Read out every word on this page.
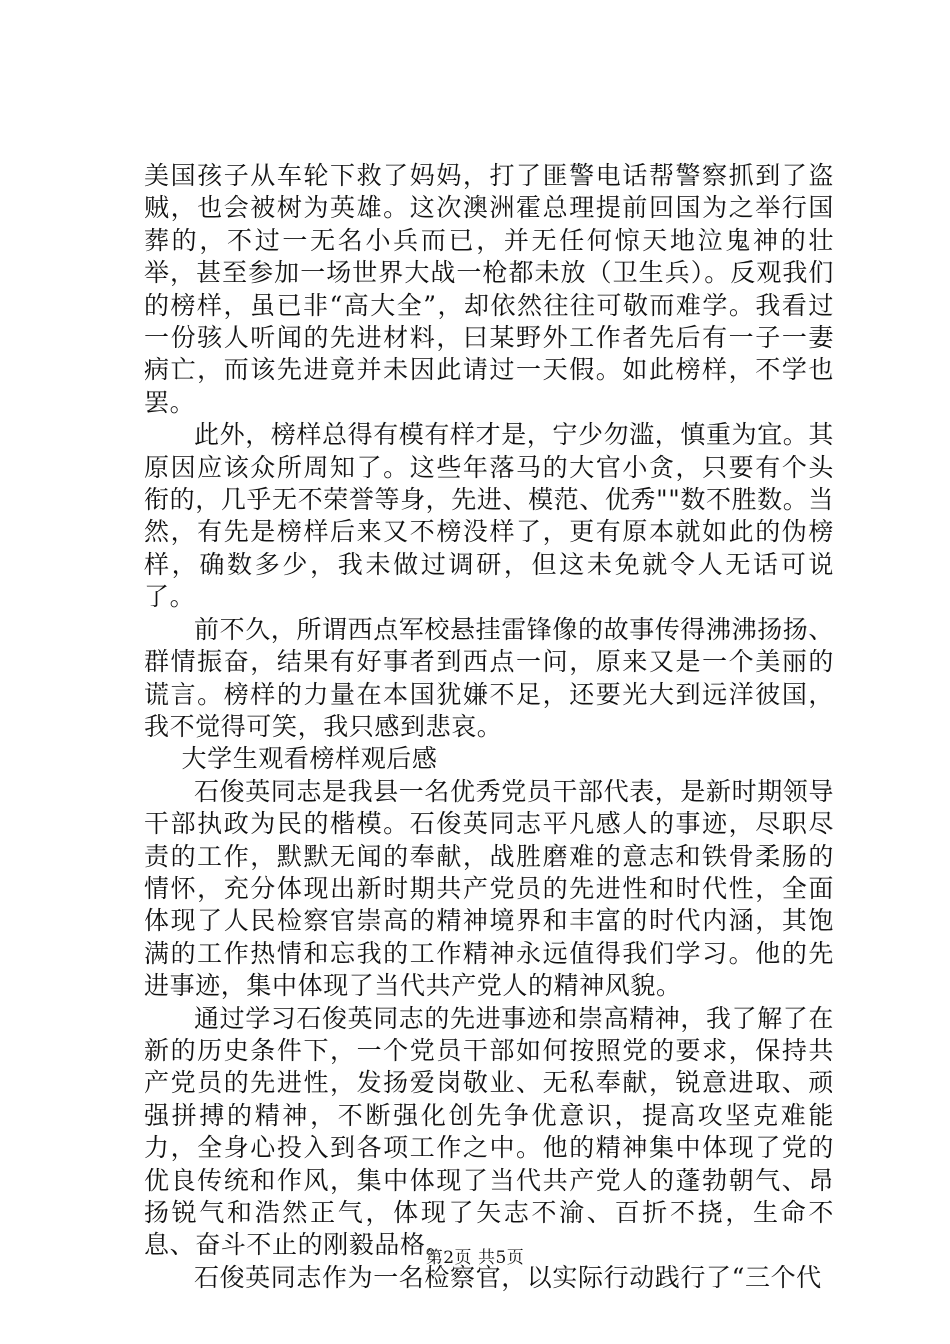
美国孩子从车轮下救了妈妈，打了匪警电话帮警察抓到了盗贼，也会被树为英雄。这次澳洲霍总理提前回国为之举行国葬的，不过一无名小兵而已，并无任何惊天地泣鬼神的壮举，甚至参加一场世界大战一枪都未放（卫生兵）。反观我们的榜样，虽已非“高大全”，却依然往往可敬而难学。我看过一份骇人听闻的先进材料，曰某野外工作者先后有一子一妻病亡，而该先进竟并未因此请过一天假。如此榜样，不学也罢。

此外，榜样总得有模有样才是，宁少勿滥，慎重为宜。其原因应该众所周知了。这些年落马的大官小贪，只要有个头衔的，几乎无不荣誉等身，先进、模范、优秀""数不胜数。当然，有先是榜样后来又不榜没样了，更有原本就如此的伪榜样，确数多少，我未做过调研，但这未免就令人无话可说了。

前不久，所谓西点军校悬挂雷锋像的故事传得沸沸扬扬、群情振奋，结果有好事者到西点一问，原来又是一个美丽的谎言。榜样的力量在本国犹嫌不足，还要光大到远洋彼国，我不觉得可笑，我只感到悲哀。

大学生观看榜样观后感

石俊英同志是我县一名优秀党员干部代表，是新时期领导干部执政为民的楷模。石俊英同志平凡感人的事迹，尽职尽责的工作，默默无闻的奉献，战胜磨难的意志和铁骨柔肠的情怀，充分体现出新时期共产党员的先进性和时代性，全面体现了人民检察官崇高的精神境界和丰富的时代内涵，其饱满的工作热情和忘我的工作精神永远值得我们学习。他的先进事迹，集中体现了当代共产党人的精神风貌。

通过学习石俊英同志的先进事迹和崇高精神，我了解了在新的历史条件下，一个党员干部如何按照党的要求，保持共产党员的先进性，发扬爱岗敬业、无私奉献，锐意进取、顽强拼搏的精神，不断强化创先争优意识，提高攻坚克难能力，全身心投入到各项工作之中。他的精神集中体现了党的优良传统和作风，集中体现了当代共产党人的蓬勃朝气、昂扬锐气和浩然正气，体现了矢志不渝、百折不挠，生命不息、奋斗不止的刚毅品格。

石俊英同志作为一名检察官，以实际行动践行了“三个代

第2页 共5页
